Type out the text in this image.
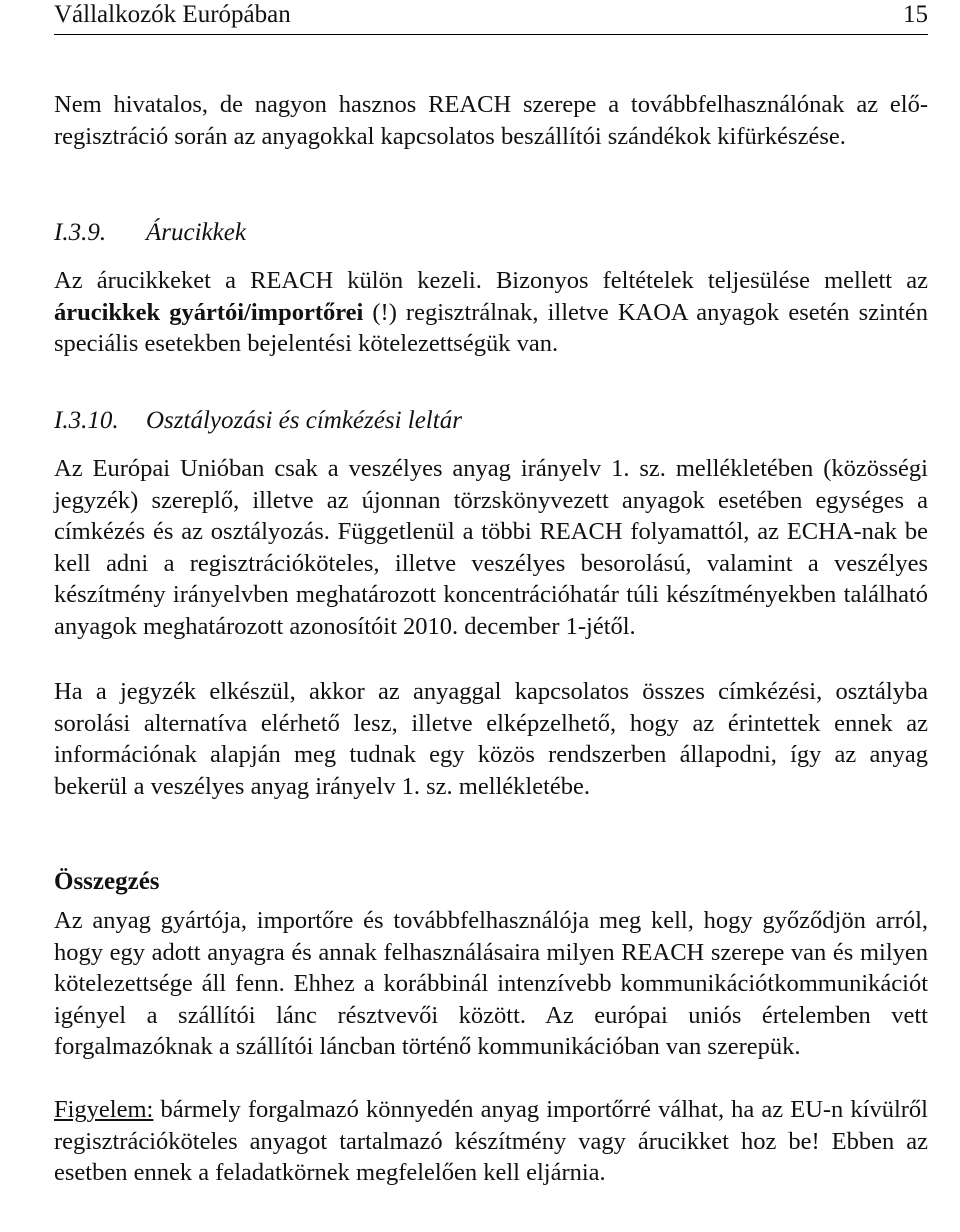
Vállalkozók Európában	15

Nem hivatalos, de nagyon hasznos REACH szerepe a továbbfelhasználónak az elő-regisztráció során az anyagokkal kapcsolatos beszállítói szándékok kifürkészése.

I.3.9. Árucikkek

Az árucikkeket a REACH külön kezeli. Bizonyos feltételek teljesülése mellett az árucikkek gyártói/importőrei (!) regisztrálnak, illetve KAOA anyagok esetén szintén speciális esetekben bejelentési kötelezettségük van.

I.3.10. Osztályozási és címkézési leltár

Az Európai Unióban csak a veszélyes anyag irányelv 1. sz. mellékletében (közösségi jegyzék) szereplő, illetve az újonnan törzskönyvezett anyagok esetében egységes a címkézés és az osztályozás. Függetlenül a többi REACH folyamattól, az ECHA-nak be kell adni a regisztrációköteles, illetve veszélyes besorolású, valamint a veszélyes készítmény irányelvben meghatározott koncentrációhatár túli készítményekben található anyagok meghatározott azonosítóit 2010. december 1-jétől.

Ha a jegyzék elkészül, akkor az anyaggal kapcsolatos összes címkézési, osztályba sorolási alternatíva elérhető lesz, illetve elképzelhető, hogy az érintettek ennek az információnak alapján meg tudnak egy közös rendszerben állapodni, így az anyag bekerül a veszélyes anyag irányelv 1. sz. mellékletébe.

Összegzés

Az anyag gyártója, importőre és továbbfelhasználója meg kell, hogy győződjön arról, hogy egy adott anyagra és annak felhasználásaira milyen REACH szerepe van és milyen kötelezettsége áll fenn. Ehhez a korábbinál intenzívebb kommunikációtkommunikációt igényel a szállítói lánc résztvevői között. Az európai uniós értelemben vett forgalmazóknak a szállítói láncban történő kommunikációban van szerepük.

Figyelem: bármely forgalmazó könnyedén anyag importőrré válhat, ha az EU-n kívülről regisztrációköteles anyagot tartalmazó készítmény vagy árucikket hoz be! Ebben az esetben ennek a feladatkörnek megfelelően kell eljárnia.
